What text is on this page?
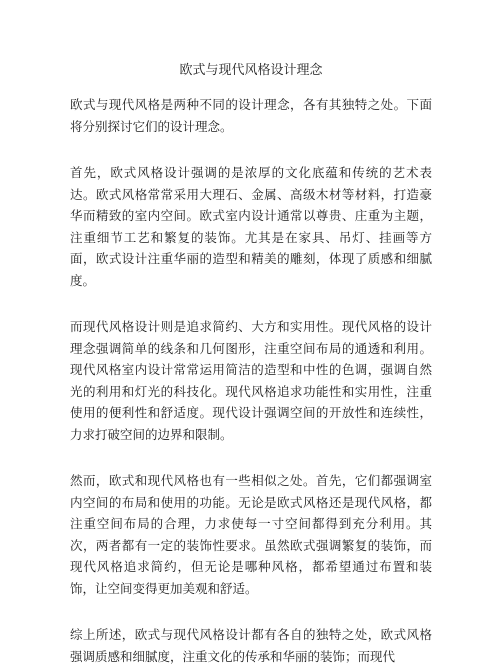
欧式与现代风格设计理念

欧式与现代风格是两种不同的设计理念，各有其独特之处。下面将分别探讨它们的设计理念。

首先，欧式风格设计强调的是浓厚的文化底蕴和传统的艺术表达。欧式风格常常采用大理石、金属、高级木材等材料，打造豪华而精致的室内空间。欧式室内设计通常以尊贵、庄重为主题，注重细节工艺和繁复的装饰。尤其是在家具、吊灯、挂画等方面，欧式设计注重华丽的造型和精美的雕刻，体现了质感和细腻度。

而现代风格设计则是追求简约、大方和实用性。现代风格的设计理念强调简单的线条和几何图形，注重空间布局的通透和利用。现代风格室内设计常常运用简洁的造型和中性的色调，强调自然光的利用和灯光的科技化。现代风格追求功能性和实用性，注重使用的便利性和舒适度。现代设计强调空间的开放性和连续性，力求打破空间的边界和限制。

然而，欧式和现代风格也有一些相似之处。首先，它们都强调室内空间的布局和使用的功能。无论是欧式风格还是现代风格，都注重空间布局的合理，力求使每一寸空间都得到充分利用。其次，两者都有一定的装饰性要求。虽然欧式强调繁复的装饰，而现代风格追求简约，但无论是哪种风格，都希望通过布置和装饰，让空间变得更加美观和舒适。

综上所述，欧式与现代风格设计都有各自的独特之处，欧式风格强调质感和细腻度，注重文化的传承和华丽的装饰；而现代
